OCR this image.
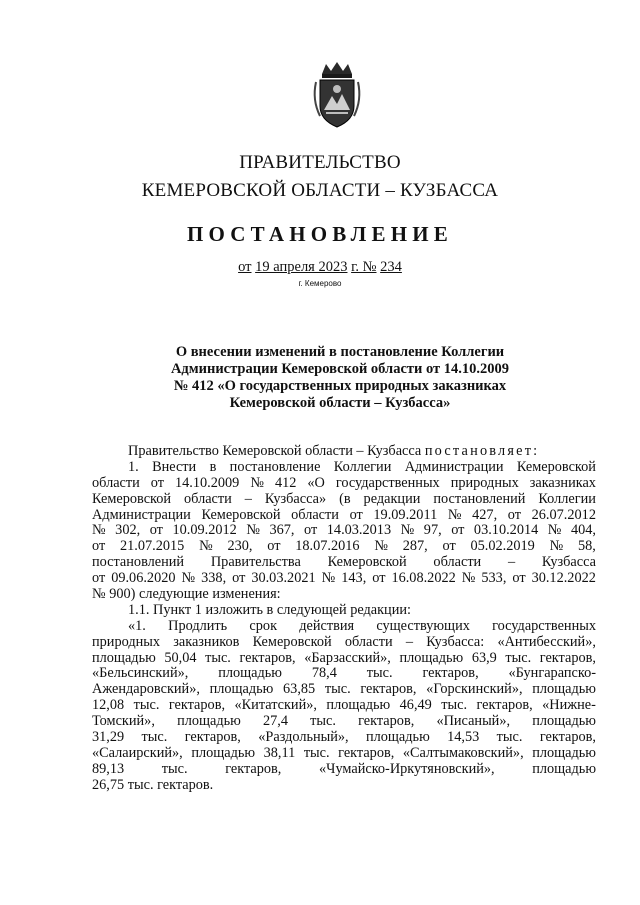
ПРАВИТЕЛЬСТВО
КЕМЕРОВСКОЙ ОБЛАСТИ – КУЗБАССА
ПОСТАНОВЛЕНИЕ
от 19 апреля 2023 г. № 234
г. Кемерово
О внесении изменений в постановление Коллегии
Администрации Кемеровской области от 14.10.2009
№ 412 «О государственных природных заказниках
Кемеровской области – Кузбасса»
Правительство Кемеровской области – Кузбасса
постановляет:
1. Внести в постановление Коллегии Администрации Кемеровской
области от 14.10.2009 № 412 «О государственных природных заказниках
Кемеровской области – Кузбасса» (в редакции постановлений Коллегии
Администрации Кемеровской области от 19.09.2011 № 427, от 26.07.2012
№ 302, от 10.09.2012 № 367, от 14.03.2013 № 97, от 03.10.2014 № 404,
от 21.07.2015 № 230, от 18.07.2016 № 287, от 05.02.2019 № 58,
постановлений Правительства Кемеровской области – Кузбасса
от 09.06.2020 № 338, от 30.03.2021 № 143, от 16.08.2022 № 533, от 30.12.2022
№ 900) следующие изменения:
1.1. Пункт 1 изложить в следующей редакции:
«1. Продлить срок действия существующих государственных
природных заказников Кемеровской области – Кузбасса: «Антибесский»,
площадью 50,04 тыс. гектаров, «Барзасский», площадью 63,9 тыс. гектаров,
«Бельсинский», площадью 78,4 тыс. гектаров, «Бунгарапско-
Ажендаровский», площадью 63,85 тыс. гектаров, «Горскинский», площадью
12,08 тыс. гектаров, «Китатский», площадью 46,49 тыс. гектаров, «Нижне-
Томский», площадью 27,4 тыс. гектаров, «Писаный», площадью
31,29 тыс. гектаров, «Раздольный», площадью 14,53 тыс. гектаров,
«Салаирский», площадью 38,11 тыс. гектаров, «Салтымаковский», площадью
89,13	тыс.	гектаров,	«Чумайско-Иркутяновский»,	площадью
26,75 тыс. гектаров.
